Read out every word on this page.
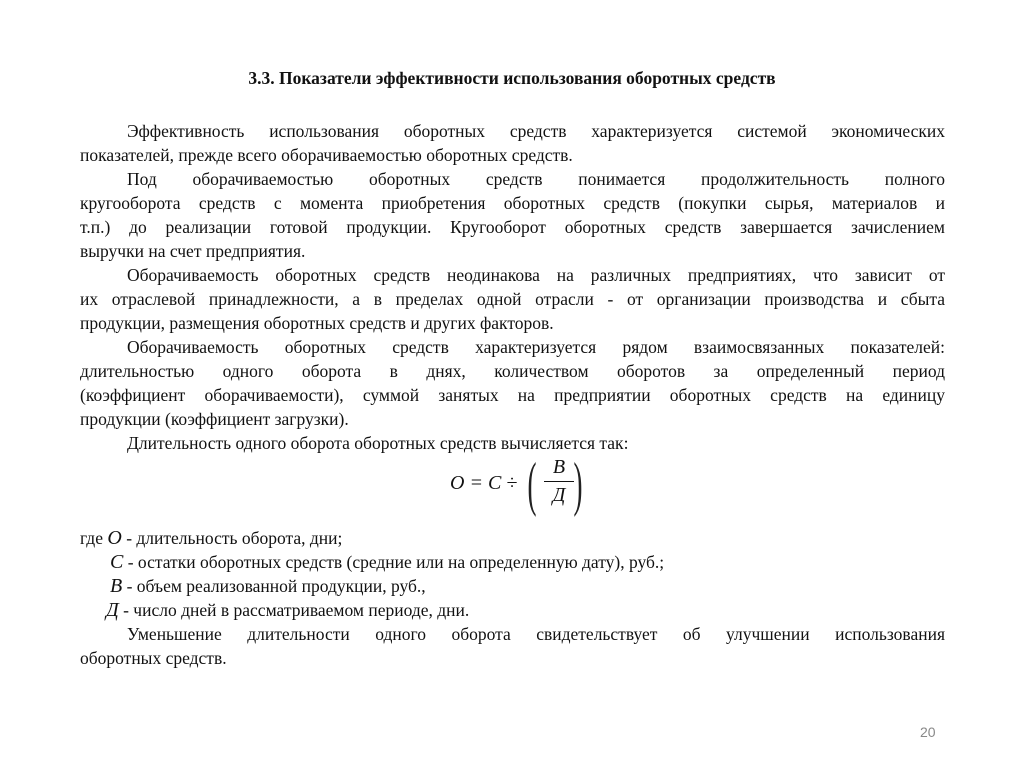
3.3. Показатели эффективности использования оборотных средств
Эффективность использования оборотных средств характеризуется системой экономических
показателей, прежде всего оборачиваемостью оборотных средств.
Под оборачиваемостью оборотных средств понимается продолжительность полного
кругооборота средств с момента приобретения оборотных средств (покупки сырья, материалов и
т.п.) до реализации готовой продукции. Кругооборот оборотных средств завершается зачислением
выручки на счет предприятия.
Оборачиваемость оборотных средств неодинакова на различных предприятиях, что зависит от
их отраслевой принадлежности, а в пределах одной отрасли - от организации производства и сбыта
продукции, размещения оборотных средств и других факторов.
Оборачиваемость оборотных средств характеризуется рядом взаимосвязанных показателей:
длительностью одного оборота в днях, количеством оборотов за определенный период
(коэффициент оборачиваемости), суммой занятых на предприятии оборотных средств на единицу
продукции (коэффициент загрузки).
Длительность одного оборота оборотных средств вычисляется так:
O = C ÷ ( B
Д )
где O - длительность оборота, дни;
C - остатки оборотных средств (средние или на определенную дату), руб.;
B - объем реализованной продукции, руб.,
Д - число дней в рассматриваемом периоде, дни.
Уменьшение длительности одного оборота свидетельствует об улучшении использования
оборотных средств.
20
